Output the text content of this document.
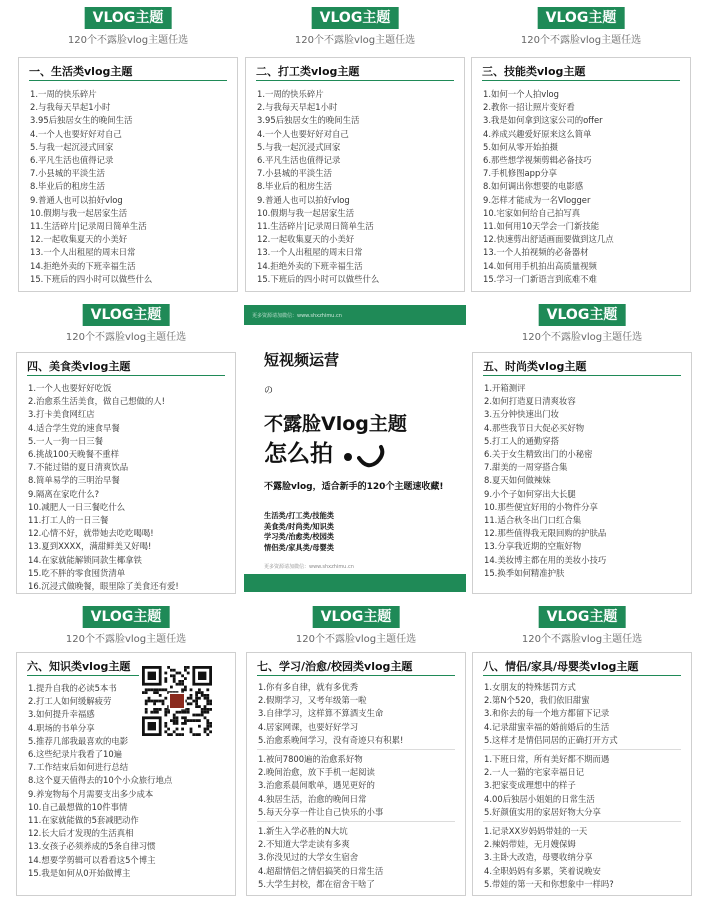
VLOG主题
120个不露脸vlog主题任选
一、生活类vlog主题
1.一周的快乐碎片
2.与我每天早起1小时
3.95后独居女生的晚间生活
4.一个人也要好好对自己
5.与我一起沉浸式回家
6.平凡生活也值得记录
7.小县城的平淡生活
8.毕业后的租房生活
9.普通人也可以拍好vlog
10.假期与我一起居家生活
11.生活碎片|记录周日简单生活
12.一起收集夏天的小美好
13.一个人出租屋的周末日常
14.拒绝外卖的下班幸福生活
15.下班后的四小时可以做些什么
VLOG主题
120个不露脸vlog主题任选
二、打工类vlog主题
1.一周的快乐碎片
2.与我每天早起1小时
3.95后独居女生的晚间生活
4.一个人也要好好对自己
5.与我一起沉浸式回家
6.平凡生活也值得记录
7.小县城的平淡生活
8.毕业后的租房生活
9.普通人也可以拍好vlog
10.假期与我一起居家生活
11.生活碎片|记录周日简单生活
12.一起收集夏天的小美好
13.一个人出租屋的周末日常
14.拒绝外卖的下班幸福生活
15.下班后的四小时可以做些什么
VLOG主题
120个不露脸vlog主题任选
三、技能类vlog主题
1.如何一个人拍vlog
2.教你一招让照片变好看
3.我是如何拿到这家公司的offer
4.养成兴趣爱好原来这么简单
5.如何从零开始拍摄
6.那些想学视频剪辑必备技巧
7.手机修图app分享
8.如何调出你想要的电影感
9.怎样才能成为一名Vlogger
10.宅家如何给自己拍写真
11.如何用10天学会一门新技能
12.快速剪出舒适画面要做到这几点
13.一个人拍视频的必备器材
14.如何用手机拍出高质量视频
15.学习一门新语言到底难不难
VLOG主题
120个不露脸vlog主题任选
四、美食类vlog主题
1.一个人也要好好吃饭
2.治愈系生活美食，做自己想做的人!
3.打卡美食网红店
4.适合学生党的速食早餐
5.一人一狗一日三餐
6.挑战100天晚餐不重样
7.不能过错的夏日清爽饮品
8.简单易学的三明治早餐
9.隔离在家吃什么?
10.减肥人一日三餐吃什么
11.打工人的一日三餐
12.心情不好，就带她去吃吃喝喝!
13.夏到XXXX，满甜鲜美又好喝!
14.在家就能解锁同款生椰拿铁
15.吃不胖的零食囤货清单
16.沉浸式做晚餐，眼里除了美食还有爱!
更多资源请加微信：www.shxzhimu.cn
短视频运营
の
不露脸Vlog主题
怎么拍
不露脸vlog，适合新手的120个主题速收藏!
生活类/打工类/技能类
美食类/时尚类/知识类
学习类/治愈类/校园类
情侣类/家具类/母婴类
更多资源请加微信：www.shxzhimu.cn
VLOG主题
120个不露脸vlog主题任选
五、时尚类vlog主题
1.开箱测评
2.如何打造夏日清爽妆容
3.五分钟快速出门妆
4.那些我节日大促必买好物
5.打工人的通勤穿搭
6.关于女生精致出门的小秘密
7.甜美的一周穿搭合集
8.夏天如何做辣妹
9.小个子如何穿出大长腿
10.那些便宜好用的小物件分享
11.适合秋冬出门口红合集
12.那些值得我无限回购的护肤品
13.分享我近期的空瓶好物
14.美妆博主都在用的美妆小技巧
15.换季如何精准护肤
VLOG主题
120个不露脸vlog主题任选
六、知识类vlog主题
1.提升自我的必读5本书
2.打工人如何缓解疲劳
3.如何提升幸福感
4.职场的书单分享
5.推荐几部我最喜欢的电影
6.这些纪录片我看了10遍
7.工作结束后如何进行总结
8.这个夏天值得去的10个小众旅行地点
9.养宠物每个月需要支出多少成本
10.自己最想做的10件事情
11.在家就能做的5套减肥动作
12.长大后才发现的生活真相
13.女孩子必须养成的5条自律习惯
14.想要学剪辑可以看看这5个博主
15.我是如何从0开始做博主
VLOG主题
120个不露脸vlog主题任选
七、学习/治愈/校园类vlog主题
1.你有多自律，就有多优秀
2.假期学习，又考年级第一啦
3.自律学习，这样算不算酒支生命
4.居家网课，也要好好学习
5.治愈系晚间学习，没有奇迹只有积累!
1.被问7800遍的治愈系好物
2.晚间治愈，放下手机一起阅读
3.治愈系晨间歌单，遇见更好的
4.独居生活，治愈的晚间日常
5.每天分享一件让自己快乐的小事
1.新生入学必胜的N大坑
2.不知道大学走读有多爽
3.你没见过的大学女生宿舍
4.超甜情侣之情侣搞笑的日常生活
5.大学生封校，都在宿舍干啥了
VLOG主题
120个不露脸vlog主题任选
八、情侣/家具/母婴类vlog主题
1.女朋友的特殊惩罚方式
2.第N个520，我们依旧甜蜜
3.和你去的每一个地方都留下记录
4.记录甜蜜幸福的婚前婚后的生活
5.这样才是情侣同居的正确打开方式
1.下班日常，所有美好都不期而遇
2.一人一猫的宅家幸福日记
3.把家变成理想中的样子
4.00后独居小姐姐的日常生活
5.好颜值实用的家居好物大分享
1.记录XX岁妈妈带娃的一天
2.辣妈带娃，无月嫂保姆
3.主卧大改造，母婴收纳分享
4.全职妈妈有多累，笑着说晚安
5.带娃的第一天和你想象中一样吗?
